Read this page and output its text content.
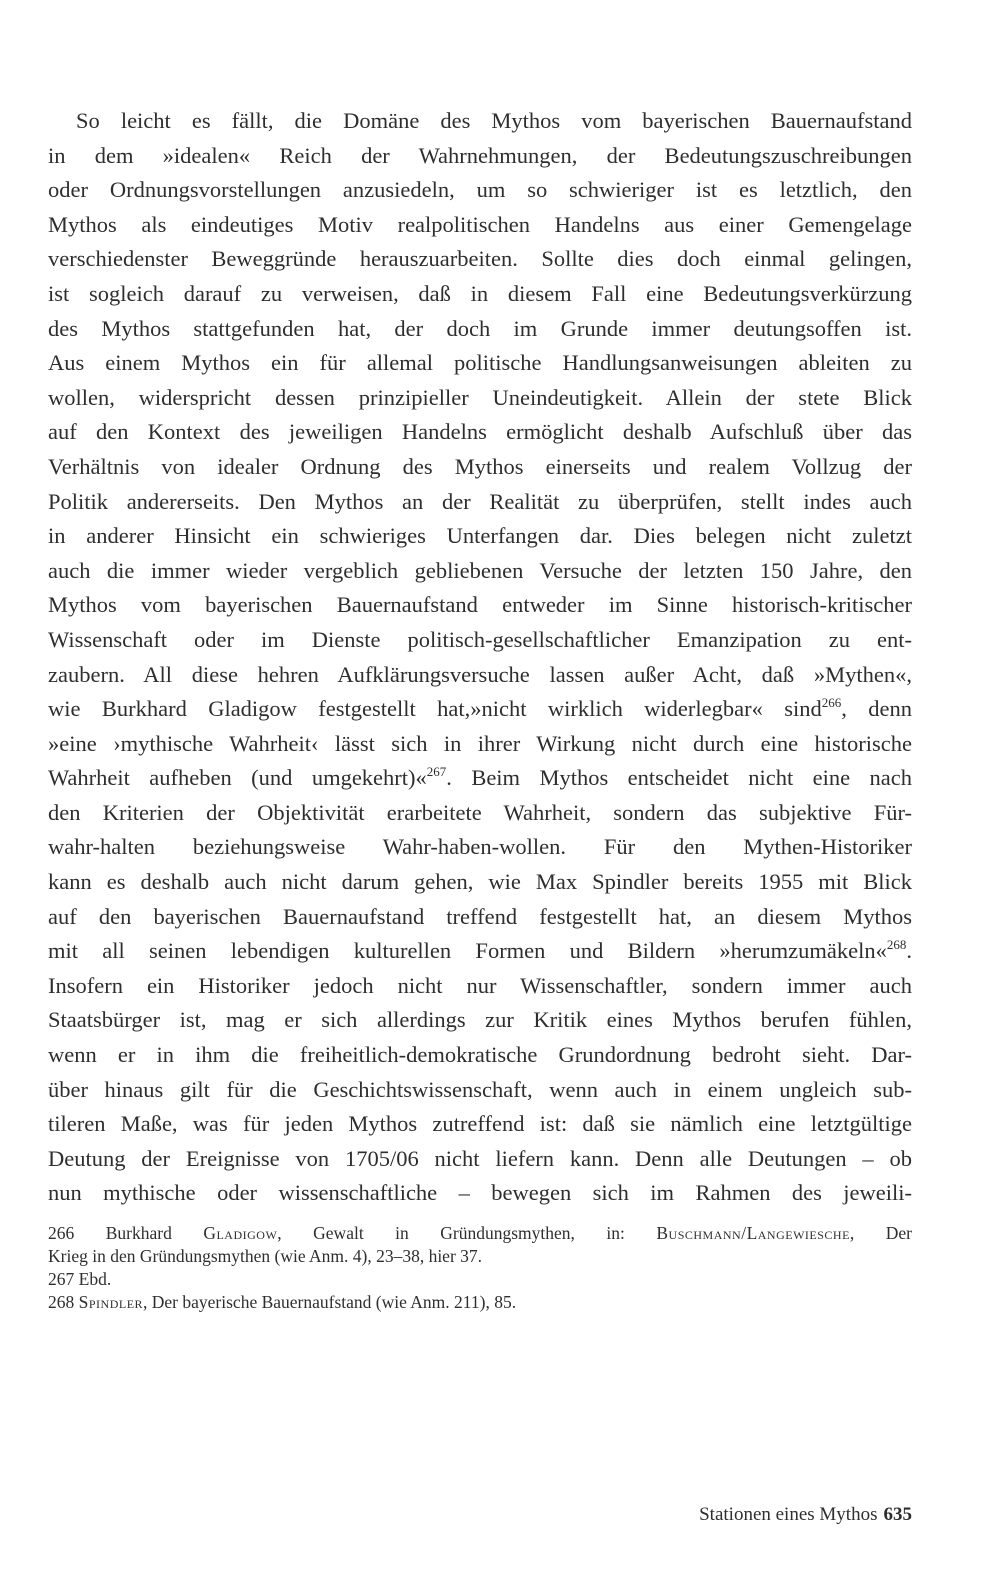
So leicht es fällt, die Domäne des Mythos vom bayerischen Bauernaufstand
in dem »idealen« Reich der Wahrnehmungen, der Bedeutungszuschreibungen
oder Ordnungsvorstellungen anzusiedeln, um so schwieriger ist es letztlich, den
Mythos als eindeutiges Motiv realpolitischen Handelns aus einer Gemengelage
verschiedenster Beweggründe herauszuarbeiten. Sollte dies doch einmal gelingen,
ist sogleich darauf zu verweisen, daß in diesem Fall eine Bedeutungsverkürzung
des Mythos stattgefunden hat, der doch im Grunde immer deutungsoffen ist.
Aus einem Mythos ein für allemal politische Handlungsanweisungen ableiten zu
wollen, widerspricht dessen prinzipieller Uneindeutigkeit. Allein der stete Blick
auf den Kontext des jeweiligen Handelns ermöglicht deshalb Aufschluß über das
Verhältnis von idealer Ordnung des Mythos einerseits und realem Vollzug der
Politik andererseits. Den Mythos an der Realität zu überprüfen, stellt indes auch
in anderer Hinsicht ein schwieriges Unterfangen dar. Dies belegen nicht zuletzt
auch die immer wieder vergeblich gebliebenen Versuche der letzten 150 Jahre, den
Mythos vom bayerischen Bauernaufstand entweder im Sinne historisch-kritischer
Wissenschaft oder im Dienste politisch-gesellschaftlicher Emanzipation zu ent-
zaubern. All diese hehren Aufklärungsversuche lassen außer Acht, daß »Mythen«,
wie Burkhard Gladigow festgestellt hat,»nicht wirklich widerlegbar« sind$^{266}$, denn
»eine ›mythische Wahrheit‹ lässt sich in ihrer Wirkung nicht durch eine historische
Wahrheit aufheben (und umgekehrt)«$^{267}$. Beim Mythos entscheidet nicht eine nach
den Kriterien der Objektivität erarbeitete Wahrheit, sondern das subjektive Für-
wahr-halten beziehungsweise Wahr-haben-wollen. Für den Mythen-Historiker
kann es deshalb auch nicht darum gehen, wie Max Spindler bereits 1955 mit Blick
auf den bayerischen Bauernaufstand treffend festgestellt hat, an diesem Mythos
mit all seinen lebendigen kulturellen Formen und Bildern »herumzumäkeln«$^{268}$.
Insofern ein Historiker jedoch nicht nur Wissenschaftler, sondern immer auch
Staatsbürger ist, mag er sich allerdings zur Kritik eines Mythos berufen fühlen,
wenn er in ihm die freiheitlich-demokratische Grundordnung bedroht sieht. Dar-
über hinaus gilt für die Geschichtswissenschaft, wenn auch in einem ungleich sub-
tileren Maße, was für jeden Mythos zutreffend ist: daß sie nämlich eine letztgültige
Deutung der Ereignisse von 1705/06 nicht liefern kann. Denn alle Deutungen – ob
nun mythische oder wissenschaftliche – bewegen sich im Rahmen des jeweili-
266 Burkhard Gladigow, Gewalt in Gründungsmythen, in: Buschmann/Langewiesche, Der
Krieg in den Gründungsmythen (wie Anm. 4), 23–38, hier 37.
267 Ebd.
268 Spindler, Der bayerische Bauernaufstand (wie Anm. 211), 85.
Stationen eines Mythos 635
